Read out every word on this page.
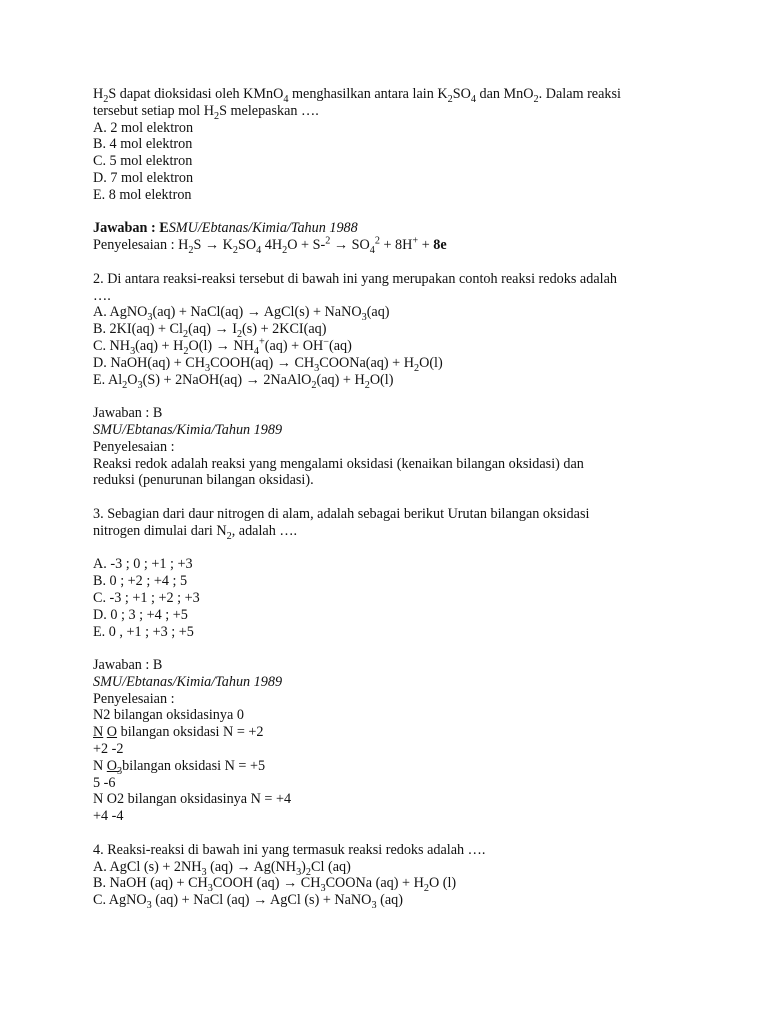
$H_2S$ dapat dioksidasi oleh KMnO$_4$ menghasilkan antara lain $K_2SO_4$ dan MnO$_2$. Dalam reaksi
tersebut setiap mol $H_2S$ melepaskan ….
A. 2 mol elektron
B. 4 mol elektron
C. 5 mol elektron
D. 7 mol elektron
E. 8 mol elektron
Jawaban : ESMU/Ebtanas/Kimia/Tahun 1988
Penyelesaian : $H_2S \to K_2SO_4$ $4H_2O + S-^2 \to SO_4^2 + 8H^+ + 8e$
2. Di antara reaksi-reaksi tersebut di bawah ini yang merupakan contoh reaksi redoks adalah
….
A. AgNO$_3$(aq) + NaCl(aq) → AgCl(s) + NaNO$_3$(aq)
B. $2KI(aq) + Cl_2(aq) \to I_2(s) + 2KCI(aq)$
C. $NH_3(aq) + H_2O(l) \to NH_4^+(aq) + OH^-(aq)$
D. NaOH(aq) + $CH_3COOH(aq)$ → $CH_3COONa(aq) + H_2O(l)$
E. $Al_2O_3(S)$ + 2NaOH(aq) → 2NaAlO$_2$(aq) + $H_2O(l)$
Jawaban : B
SMU/Ebtanas/Kimia/Tahun 1989
Penyelesaian :
Reaksi redok adalah reaksi yang mengalami oksidasi (kenaikan bilangan oksidasi) dan
reduksi (penurunan bilangan oksidasi).
3. Sebagian dari daur nitrogen di alam, adalah sebagai berikut Urutan bilangan oksidasi
nitrogen dimulai dari $N_2$, adalah ….
A. -3 ; 0 ; +1 ; +3
B. 0 ; +2 ; +4 ; 5
C. -3 ; +1 ; +2 ; +3
D. 0 ; 3 ; +4 ; +5
E. 0 , +1 ; +3 ; +5
Jawaban : B
SMU/Ebtanas/Kimia/Tahun 1989
Penyelesaian :
N2 bilangan oksidasinya 0
N O bilangan oksidasi N = +2
+2 -2
N $O_3bilangan$ oksidasi N = +5
5 -6
N O2 bilangan oksidasinya N = +4
+4 -4
4. Reaksi-reaksi di bawah ini yang termasuk reaksi redoks adalah ….
A. AgCl $(s) + 2NH_3$ $(aq) \to Ag(NH_3)_2Cl$ (aq)
B. NaOH $(aq) + CH_3COOH$ $(aq) \to CH_3COONa$ $(aq) + H_2O$ (l)
C. AgNO$_3$ (aq) + NaCl (aq) → AgCl (s) + NaNO$_3$ (aq)
